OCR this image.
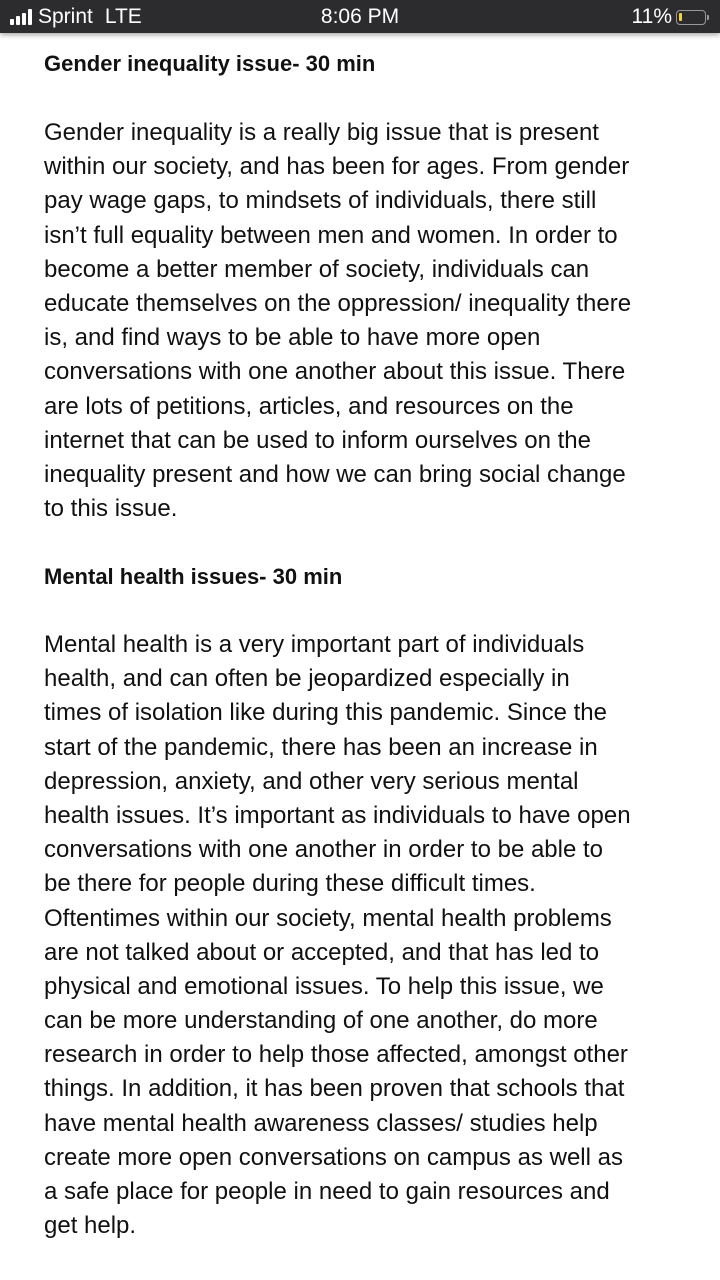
Sprint LTE	8:06 PM	11%
Gender inequality issue- 30 min
Gender inequality is a really big issue that is present
within our society, and has been for ages. From gender
pay wage gaps, to mindsets of individuals, there still
isn’t full equality between men and women. In order to
become a better member of society, individuals can
educate themselves on the oppression/ inequality there
is, and find ways to be able to have more open
conversations with one another about this issue. There
are lots of petitions, articles, and resources on the
internet that can be used to inform ourselves on the
inequality present and how we can bring social change
to this issue.
Mental health issues- 30 min
Mental health is a very important part of individuals
health, and can often be jeopardized especially in
times of isolation like during this pandemic. Since the
start of the pandemic, there has been an increase in
depression, anxiety, and other very serious mental
health issues. It’s important as individuals to have open
conversations with one another in order to be able to
be there for people during these difficult times.
Oftentimes within our society, mental health problems
are not talked about or accepted, and that has led to
physical and emotional issues. To help this issue, we
can be more understanding of one another, do more
research in order to help those affected, amongst other
things. In addition, it has been proven that schools that
have mental health awareness classes/ studies help
create more open conversations on campus as well as
a safe place for people in need to gain resources and
get help.
